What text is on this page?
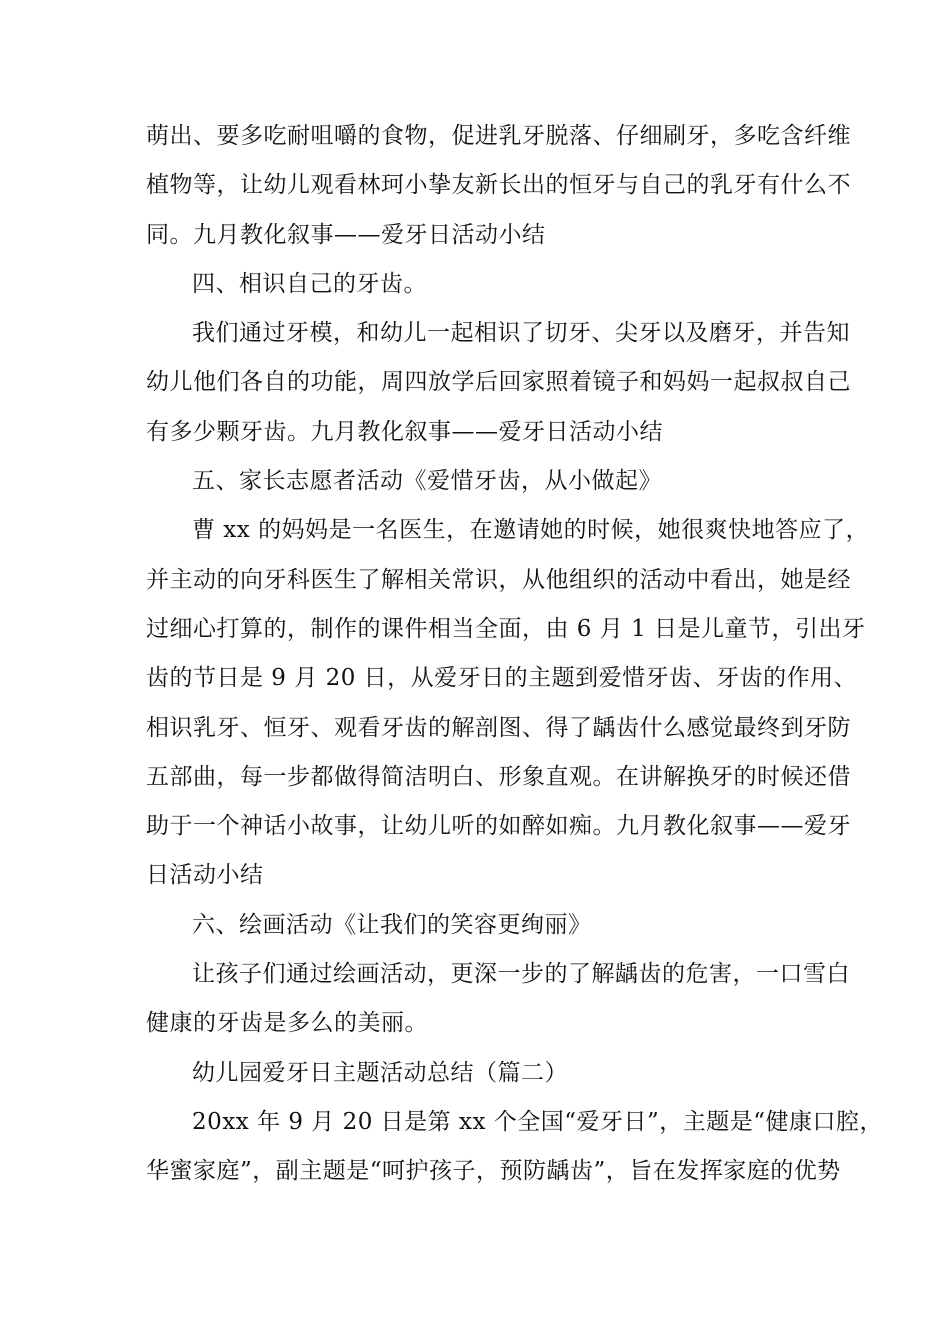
萌出、要多吃耐咀嚼的食物，促进乳牙脱落、仔细刷牙，多吃含纤维
植物等，让幼儿观看林珂小挚友新长出的恒牙与自己的乳牙有什么不
同。九月教化叙事——爱牙日活动小结

四、相识自己的牙齿。

我们通过牙模，和幼儿一起相识了切牙、尖牙以及磨牙，并告知
幼儿他们各自的功能，周四放学后回家照着镜子和妈妈一起叔叔自己
有多少颗牙齿。九月教化叙事——爱牙日活动小结

五、家长志愿者活动《爱惜牙齿，从小做起》

曹 xx 的妈妈是一名医生，在邀请她的时候，她很爽快地答应了，
并主动的向牙科医生了解相关常识，从他组织的活动中看出，她是经
过细心打算的，制作的课件相当全面，由 6 月 1 日是儿童节，引出牙
齿的节日是 9 月 20 日，从爱牙日的主题到爱惜牙齿、牙齿的作用、
相识乳牙、恒牙、观看牙齿的解剖图、得了龋齿什么感觉最终到牙防
五部曲，每一步都做得简洁明白、形象直观。在讲解换牙的时候还借
助于一个神话小故事，让幼儿听的如醉如痴。九月教化叙事——爱牙
日活动小结

六、绘画活动《让我们的笑容更绚丽》

让孩子们通过绘画活动，更深一步的了解龋齿的危害，一口雪白
健康的牙齿是多么的美丽。

幼儿园爱牙日主题活动总结（篇二）

20xx 年 9 月 20 日是第 xx 个全国“爱牙日”，主题是“健康口腔，
华蜜家庭”，副主题是“呵护孩子，预防龋齿”，旨在发挥家庭的优势
